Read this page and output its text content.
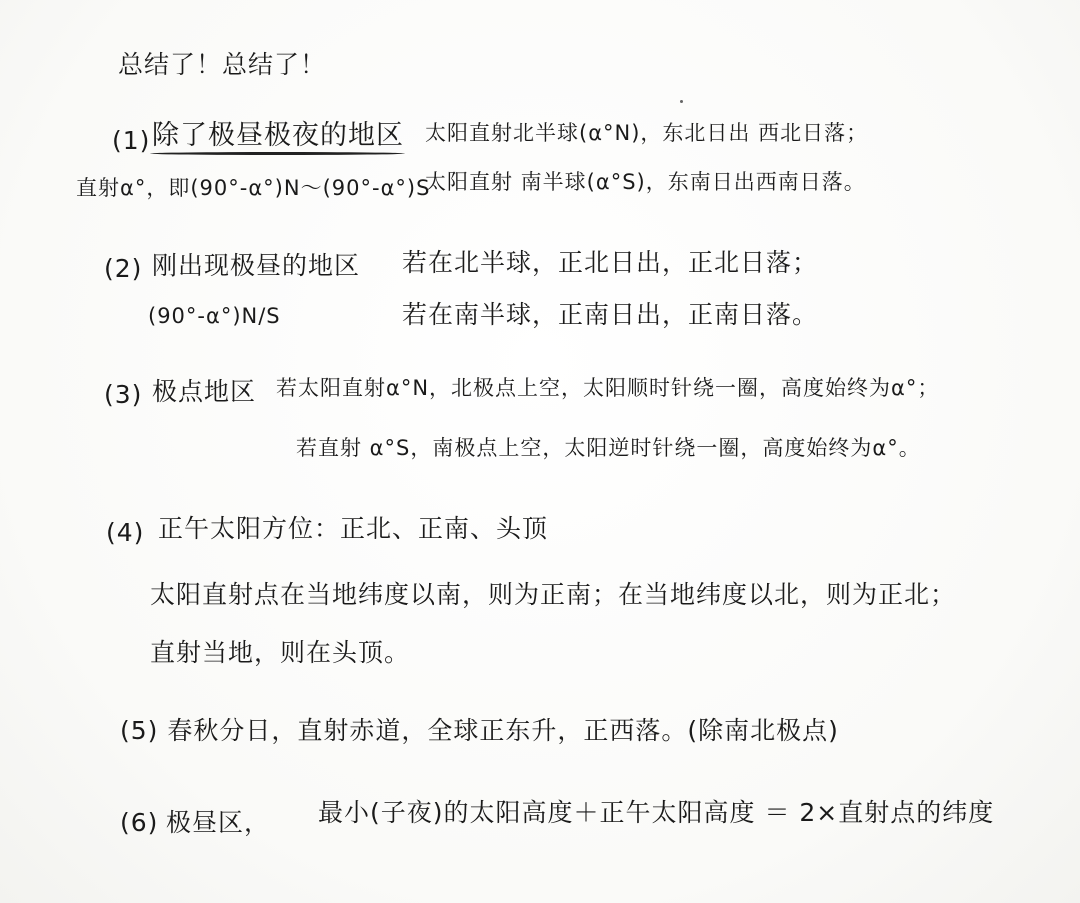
总结了！总结了！
(1) 除了极昼极夜的地区
直射α°，即(90°-α°)N～(90°-α°)S
太阳直射北半球(α°N)，东北日出 西北日落；
太阳直射 南半球(α°S)，东南日出西南日落。
(2) 刚出现极昼的地区
(90°-α°)N/S
若在北半球，正北日出，正北日落；
若在南半球，正南日出，正南日落。
(3) 极点地区 若太阳直射α°N，北极点上空，太阳顺时针绕一圈，高度始终为α°；
若直射 α°S，南极点上空，太阳逆时针绕一圈，高度始终为α°。
(4) 正午太阳方位：正北、正南、头顶
太阳直射点在当地纬度以南，则为正南；在当地纬度以北，则为正北；
直射当地，则在头顶。
(5) 春秋分日，直射赤道，全球正东升，正西落。(除南北极点)
(6) 极昼区， 最小(子夜)的太阳高度＋正午太阳高度 ＝ 2×直射点的纬度
